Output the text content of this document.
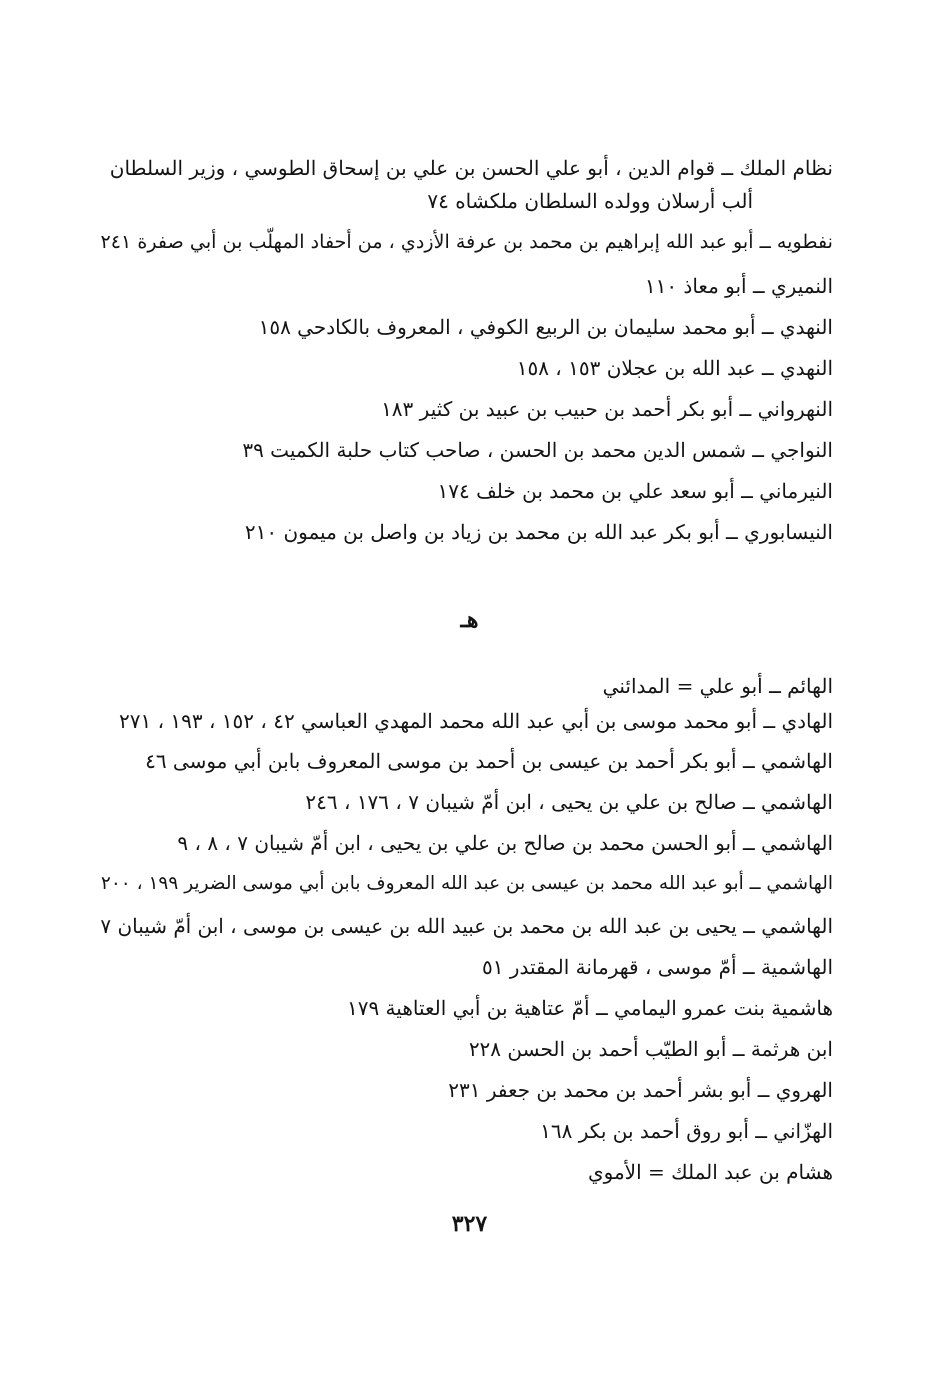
نظام الملك ــ قوام الدين ، أبو علي الحسن بن علي بن إسحاق الطوسي ، وزير السلطان
ألب أرسلان وولده السلطان ملكشاه ٧٤
نفطويه ــ أبو عبد الله إبراهيم بن محمد بن عرفة الأزدي ، من أحفاد المهلّب بن أبي صفرة ٢٤١
النميري ــ أبو معاذ ١١٠
النهدي ــ أبو محمد سليمان بن الربيع الكوفي ، المعروف بالكادحي ١٥٨
النهدي ــ عبد الله بن عجلان ١٥٣ ، ١٥٨
النهرواني ــ أبو بكر أحمد بن حبيب بن عبيد بن كثير ١٨٣
النواجي ــ شمس الدين محمد بن الحسن ، صاحب كتاب حلبة الكميت ٣٩
النيرماني ــ أبو سعد علي بن محمد بن خلف ١٧٤
النيسابوري ــ أبو بكر عبد الله بن محمد بن زياد بن واصل بن ميمون ٢١٠
هـ
الهائم ــ أبو علي = المدائني
الهادي ــ أبو محمد موسى بن أبي عبد الله محمد المهدي العباسي ٤٢ ، ١٥٢ ، ١٩٣ ، ٢٧١
الهاشمي ــ أبو بكر أحمد بن عيسى بن أحمد بن موسى المعروف بابن أبي موسى ٤٦
الهاشمي ــ صالح بن علي بن يحيى ، ابن أمّ شيبان ٧ ، ١٧٦ ، ٢٤٦
الهاشمي ــ أبو الحسن محمد بن صالح بن علي بن يحيى ، ابن أمّ شيبان ٧ ، ٨ ، ٩
الهاشمي ــ أبو عبد الله محمد بن عيسى بن عبد الله المعروف بابن أبي موسى الضرير ١٩٩ ، ٢٠٠
الهاشمي ــ يحيى بن عبد الله بن محمد بن عبيد الله بن عيسى بن موسى ، ابن أمّ شيبان ٧
الهاشمية ــ أمّ موسى ، قهرمانة المقتدر ٥١
هاشمية بنت عمرو اليمامي ــ أمّ عتاهية بن أبي العتاهية ١٧٩
ابن هرثمة ــ أبو الطيّب أحمد بن الحسن ٢٢٨
الهروي ــ أبو بشر أحمد بن محمد بن جعفر ٢٣١
الهزّاني ــ أبو روق أحمد بن بكر ١٦٨
هشام بن عبد الملك = الأموي
٣٢٧
